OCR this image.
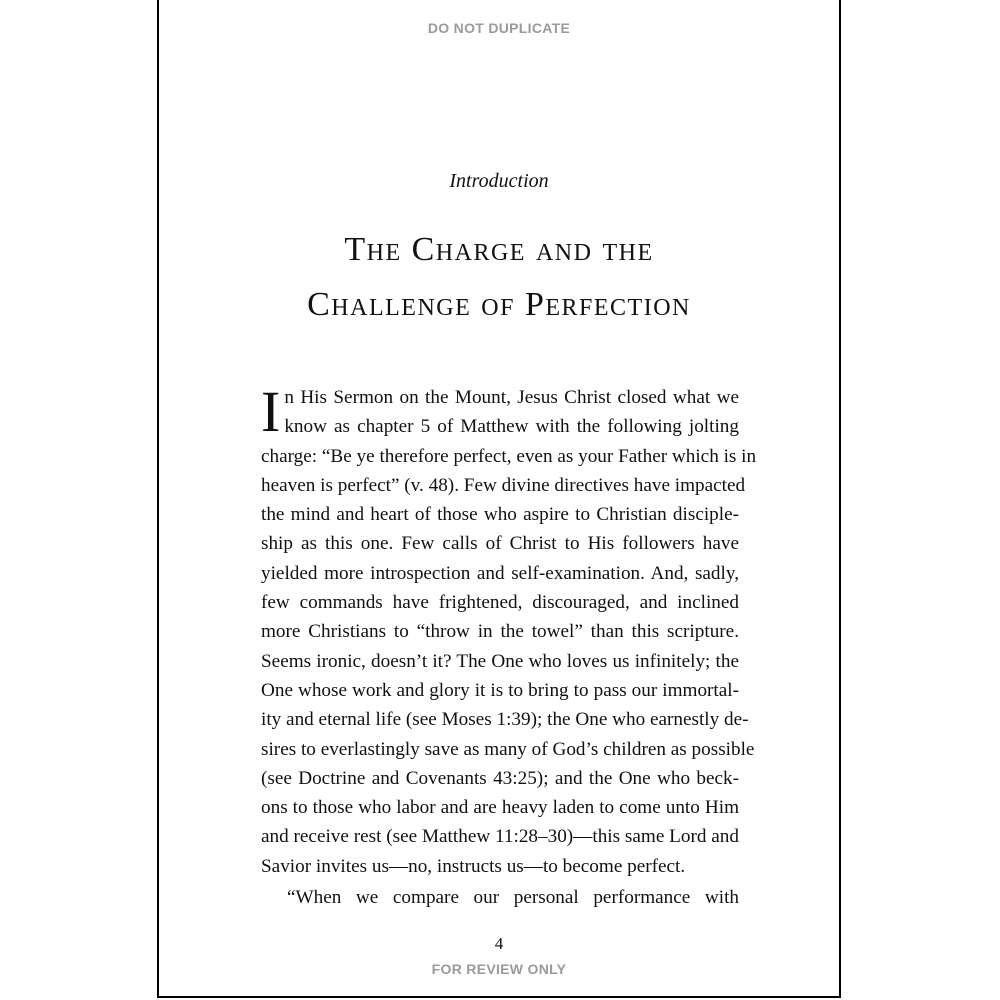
DO NOT DUPLICATE
Introduction
The Charge and the
Challenge of Perfection
I n His Sermon on the Mount, Jesus Christ closed what we
know as chapter 5 of Matthew with the following jolting
charge: “Be ye therefore perfect, even as your Father which is in
heaven is perfect” (v. 48). Few divine directives have impacted
the mind and heart of those who aspire to Christian disciple-
ship as this one. Few calls of Christ to His followers have
yielded more introspection and self-examination. And, sadly,
few commands have frightened, discouraged, and inclined
more Christians to “throw in the towel” than this scripture.
Seems ironic, doesn’t it? The One who loves us infinitely; the
One whose work and glory it is to bring to pass our immortal-
ity and eternal life (see Moses 1:39); the One who earnestly de-
sires to everlastingly save as many of God’s children as possible
(see Doctrine and Covenants 43:25); and the One who beck-
ons to those who labor and are heavy laden to come unto Him
and receive rest (see Matthew 11:28–30)—this same Lord and
Savior invites us—no, instructs us—to become perfect.
“When we compare our personal performance with
4
FOR REVIEW ONLY
